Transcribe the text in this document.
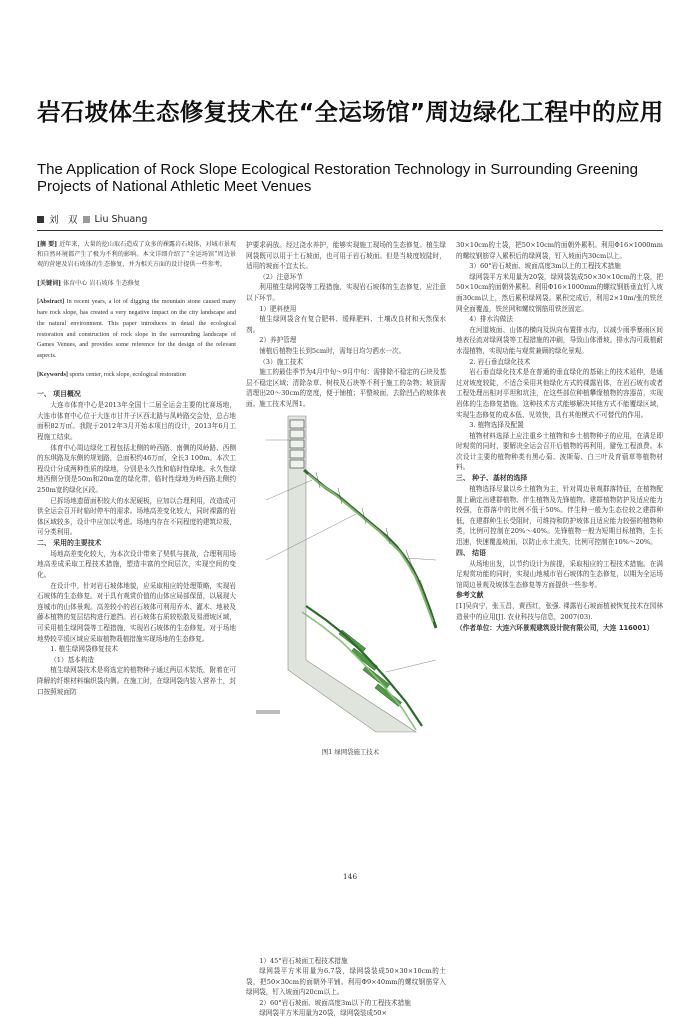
岩石坡体生态修复技术在“全运场馆”周边绿化工程中的应用
The Application of Rock Slope Ecological Restoration Technology in Surrounding Greening Projects of National Athletic Meet Venues
刘　双 Liu Shuang

[摘 要] 近年来，大量的挖山取石造成了众多的裸露岩石坡体，对城市景观和自然环境都产生了极为不利的影响。本文详细介绍了“全运场馆”周边景观的营建及岩石坡体的生态修复，并为相关方面的设计提供一些参考。

[关键词] 体育中心 岩石坡体 生态修复

[Abstract] In recent years, a lot of digging the mountain stone caused many bare rock slope, has created a very negative impact on the city landscape and the natural environment. This paper introduces in detail the ecological restoration and construction of rock slope in the surrounding landscape of Games Venues, and provides some reference for the design of the relevant aspects.

[Keywords] sports center, rock slope, ecological restoration

一、 项目概况

大连市体育中心是2013年全国十二届全运会主要的比赛场地，大连市体育中心位于大连市甘井子区西北路与凤岭路交会处，总占地面积82万㎡。我院于2012年3月开始本项目的设计，2013年6月工程施工结束。

体育中心周边绿化工程包括北侧的岭西路、南侧的凤岭路、西侧的东琪路及东侧的规划路，总面积约46万㎡，全长3 100m。本次工程设计分成两种性质的绿地，分别是永久性和临时性绿地。永久性绿地西侧分别是50m和20m宽的绿化带，临时性绿地为岭西路北侧约250m宽的绿化区段。

已拆场地遗留面积较大的水泥硬板，应加以合理利用，改造成可供全运会召开时临时停车的需求。场地高差变化较大，同时裸露的岩体区域较多，设计中应加以考虑。场地内存在不同程度的建筑垃圾，可分类利用。

二、 采用的主要技术

场地高差变化较大，为本次设计带来了契机与挑战，合理利用场地高差成采取工程技术措施，塑造丰富的空间层次，实现空间的变化。

在设计中，针对岩石坡体地貌，应采取相应的处理策略，实现岩石坡体的生态修复。对于具有观赏价值的山体应局部保留，以展现大连城市的山体景观。高差较小的岩石坡体可利用乔木、灌木、地被及藤本植物的复层结构进行遮挡。岩石坡体右质较松散及易滑坡区域，可采用植生绿网袋等工程措施，实现岩石坡体的生态修复。对于场地地势较平缓区域应采取植物栽植措施实现场地的生态修复。

1. 植生绿网袋修复技术

（1）基本构造

植生绿网袋技术是将选定的植物种子通过两层木浆纸，附着在可降解的纤维材料编织袋内侧。在施工时，在绿网袋内装入营养土，封口按照坡面防

护要求码放。经过浇水养护，能够实现施工现场的生态修复。植生绿网袋既可以用于土石坡面，也可用于岩石坡面。但是当坡度较陡时，适用的坡面不宜太长。

（2）注意环节

利用植生绿网袋等工程措施，实现岩石坡体的生态修复，应注意以下环节。

1）肥料使用

植生绿网袋含有复合肥料、缓释肥料、土壤改良材和天然保水剂。

2）养护管理

铺植后植物生长到5cm时，需每日均匀洒水一次。

（3）施工技术

施工的最佳季节为4月中旬～9月中旬：需排除不稳定的石块及基层不稳定区域；清除杂草、树枝及石块等不利于施工的杂物；坡顶需清理出20～30cm的宽度，便于铺植；平整坡面，去除凹凸的坡体表面。施工技术见图1。

图1 绿网袋施工技术

1）45°岩石坡面工程技术措施

绿网袋平方米用量为6.7袋，绿网袋装成50×30×10cm的土袋，把50×30cm的面朝外平铺。利用Φ9×40mm的螺纹钢筋穿入绿网袋，钉入坡面内20cm以上。

2）60°岩石坡面、坡面高度3m以下的工程技术措施

绿网袋平方米用量为20袋，绿网袋装成50×

30×10cm的土袋，把50×10cm的面朝外累积。利用Φ16×1000mm的螺纹钢筋穿入累积后的绿网袋，钉入坡面内30cm以上。

3）60°岩石坡面、坡面高度3m以上的工程技术措施

绿网袋平方米用量为20袋，绿网袋装成50×30×10cm的土袋，把50×10cm的面朝外累积。利用Φ16×1000mm的螺纹钢筋垂直钉入坡面30cm以上，然后累积绿网袋。累积完成后，利用2×10m/张的铁丝网全面覆盖，铁丝网和螺纹钢筋用铁丝固定。

4）排水沟做法

在河道坡面、山体的横向及纵向布置排水沟，以减少雨季暴雨区间地表径流对绿网袋等工程措施的冲刷，导致山体滑坡。排水沟可栽植耐水湿植物，实现功能与观赏兼顾的绿化景观。

2. 岩石垂直绿化技术

岩石垂直绿化技术是在普通的垂直绿化的基础上的技术延伸，是通过对坡度较陡，不适合采用其他绿化方式的裸露岩体，在岩石坡有或者工程处理出相对平坦和坑洼，在这些部位种植攀缘植物的容器苗，实现岩体的生态修复措施。这种技术方式能够解决其他方式不能覆绿区域，实现生态修复的成本低、见效快，具有其他模式不可替代的作用。

3. 植物选择及配置

植物材料选择上应注重乡土植物和乡土植物种子的应用，在满足即时观赏的同时，要解决全运会召开后植物的再利用，避免工程浪费。本次设计主要的植物种类有黑心菊、波斯菊、白三叶及育蓿草等植物材料。

三、 种子、基材的选择

植物选择尽量以乡土植物为主，针对周边景观群落特征，在植物配置上确定出建群植物、伴生植物及先锋植物。建群植物防护及适应能力较强，在群落中的比例不低于50%。伴生种一般为生态位较之建群种低，在建群种生长受阻时，可维持和防护坡体且适应能力较强的植物种类，比例可控制在20%～40%。先锋植物一般为短期目标植物，生长迅速，快速覆盖坡面，以防止水土流失，比例可控制在10%～20%。

四、 结语

从场地出发，以节约设计为前提，采取相应的工程技术措施。在满足观赏功能的同时，实现山地城市岩石坡体的生态修复，以期为全运场馆周边景观及坡体生态修复等方面提供一些参考。

参考文献

[1]吴向宁，张玉昌，黄西红，张强. 裸露岩石坡面植被恢复技术在园林造景中的应用[J]. 农业科技与信息，2007(03).

（作者单位：大连六环景观建筑设计院有限公司，大连 116001）

146
